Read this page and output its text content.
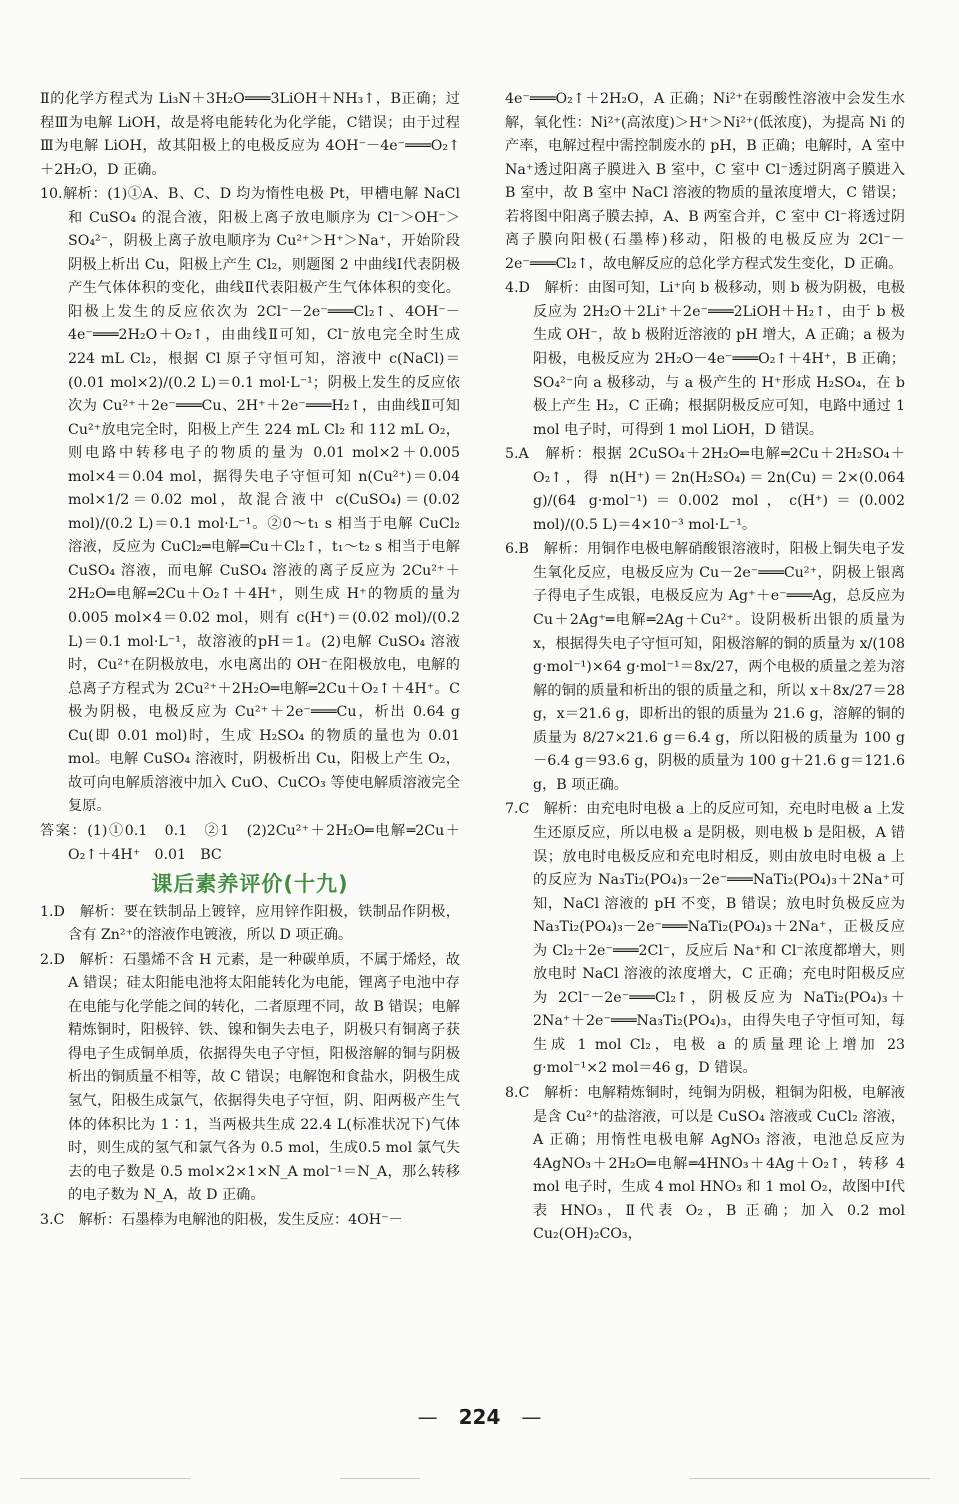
Ⅱ的化学方程式为 Li₃N＋3H₂O═══3LiOH＋NH₃↑，B正确；过程Ⅲ为电解 LiOH，故是将电能转化为化学能，C错误；由于过程Ⅲ为电解 LiOH，故其阳极上的电极反应为 4OH⁻－4e⁻═══O₂↑＋2H₂O，D 正确。

10.解析：(1)①A、B、C、D 均为惰性电极 Pt，甲槽电解 NaCl 和 CuSO₄ 的混合液，阳极上离子放电顺序为 Cl⁻＞OH⁻＞SO₄²⁻，阴极上离子放电顺序为 Cu²⁺＞H⁺＞Na⁺，开始阶段阴极上析出 Cu，阳极上产生 Cl₂，则题图 2 中曲线Ⅰ代表阴极产生气体体积的变化，曲线Ⅱ代表阳极产生气体体积的变化。阳极上发生的反应依次为 2Cl⁻－2e⁻═══Cl₂↑、4OH⁻－4e⁻═══2H₂O＋O₂↑，由曲线Ⅱ可知，Cl⁻放电完全时生成 224 mL Cl₂，根据 Cl 原子守恒可知，溶液中 c(NaCl)＝(0.01 mol×2)/(0.2 L)＝0.1 mol·L⁻¹；阴极上发生的反应依次为 Cu²⁺＋2e⁻═══Cu、2H⁺＋2e⁻═══H₂↑，由曲线Ⅱ可知 Cu²⁺放电完全时，阳极上产生 224 mL Cl₂ 和 112 mL O₂，则电路中转移电子的物质的量为 0.01 mol×2＋0.005 mol×4＝0.04 mol，据得失电子守恒可知 n(Cu²⁺)＝0.04 mol×1/2＝0.02 mol，故混合液中 c(CuSO₄)＝(0.02 mol)/(0.2 L)＝0.1 mol·L⁻¹。②0～t₁ s 相当于电解 CuCl₂ 溶液，反应为 CuCl₂═电解═Cu＋Cl₂↑，t₁～t₂ s 相当于电解 CuSO₄ 溶液，而电解 CuSO₄ 溶液的离子反应为 2Cu²⁺＋2H₂O═电解═2Cu＋O₂↑＋4H⁺，则生成 H⁺的物质的量为 0.005 mol×4＝0.02 mol，则有 c(H⁺)＝(0.02 mol)/(0.2 L)＝0.1 mol·L⁻¹，故溶液的pH＝1。(2)电解 CuSO₄ 溶液时，Cu²⁺在阴极放电，水电离出的 OH⁻在阳极放电，电解的总离子方程式为 2Cu²⁺＋2H₂O═电解═2Cu＋O₂↑＋4H⁺。C 极为阴极，电极反应为 Cu²⁺＋2e⁻═══Cu，析出 0.64 g Cu(即 0.01 mol)时，生成 H₂SO₄ 的物质的量也为 0.01 mol。电解 CuSO₄ 溶液时，阴极析出 Cu，阳极上产生 O₂，故可向电解质溶液中加入 CuO、CuCO₃ 等使电解质溶液完全复原。

答案：(1)①0.1　0.1　②1　(2)2Cu²⁺＋2H₂O═电解═2Cu＋O₂↑＋4H⁺　0.01　BC

课后素养评价(十九)

1.D　解析：要在铁制品上镀锌，应用锌作阳极，铁制品作阴极，含有 Zn²⁺的溶液作电镀液，所以 D 项正确。

2.D　解析：石墨烯不含 H 元素，是一种碳单质，不属于烯烃，故 A 错误；硅太阳能电池将太阳能转化为电能，锂离子电池中存在电能与化学能之间的转化，二者原理不同，故 B 错误；电解精炼铜时，阳极锌、铁、镍和铜失去电子，阴极只有铜离子获得电子生成铜单质，依据得失电子守恒，阳极溶解的铜与阴极析出的铜质量不相等，故 C 错误；电解饱和食盐水，阴极生成氢气，阳极生成氯气，依据得失电子守恒，阴、阳两极产生气体的体积比为 1∶1，当两极共生成 22.4 L(标准状况下)气体时，则生成的氢气和氯气各为 0.5 mol，生成0.5 mol 氯气失去的电子数是 0.5 mol×2×1×N_A mol⁻¹＝N_A，那么转移的电子数为 N_A，故 D 正确。

3.C　解析：石墨棒为电解池的阳极，发生反应：4OH⁻－

4e⁻═══O₂↑＋2H₂O，A 正确；Ni²⁺在弱酸性溶液中会发生水解，氧化性：Ni²⁺(高浓度)＞H⁺＞Ni²⁺(低浓度)，为提高 Ni 的产率，电解过程中需控制废水的 pH，B 正确；电解时，A 室中 Na⁺透过阳离子膜进入 B 室中，C 室中 Cl⁻透过阴离子膜进入 B 室中，故 B 室中 NaCl 溶液的物质的量浓度增大，C 错误；若将图中阳离子膜去掉，A、B 两室合并，C 室中 Cl⁻将透过阴离子膜向阳极(石墨棒)移动，阳极的电极反应为 2Cl⁻－2e⁻═══Cl₂↑，故电解反应的总化学方程式发生变化，D 正确。

4.D　解析：由图可知，Li⁺向 b 极移动，则 b 极为阴极，电极反应为 2H₂O＋2Li⁺＋2e⁻═══2LiOH＋H₂↑，由于 b 极生成 OH⁻，故 b 极附近溶液的 pH 增大，A 正确；a 极为阳极，电极反应为 2H₂O－4e⁻═══O₂↑＋4H⁺，B 正确；SO₄²⁻向 a 极移动，与 a 极产生的 H⁺形成 H₂SO₄，在 b 极上产生 H₂，C 正确；根据阴极反应可知，电路中通过 1 mol 电子时，可得到 1 mol LiOH，D 错误。

5.A　解析：根据 2CuSO₄＋2H₂O═电解═2Cu＋2H₂SO₄＋O₂↑，得 n(H⁺)＝2n(H₂SO₄)＝2n(Cu)＝2×(0.064 g)/(64 g·mol⁻¹)＝0.002 mol，c(H⁺)＝(0.002 mol)/(0.5 L)＝4×10⁻³ mol·L⁻¹。

6.B　解析：用铜作电极电解硝酸银溶液时，阳极上铜失电子发生氧化反应，电极反应为 Cu－2e⁻═══Cu²⁺，阴极上银离子得电子生成银，电极反应为 Ag⁺＋e⁻═══Ag，总反应为 Cu＋2Ag⁺═电解═2Ag＋Cu²⁺。设阴极析出银的质量为 x，根据得失电子守恒可知，阳极溶解的铜的质量为 x/(108 g·mol⁻¹)×64 g·mol⁻¹＝8x/27，两个电极的质量之差为溶解的铜的质量和析出的银的质量之和，所以 x＋8x/27＝28 g，x＝21.6 g，即析出的银的质量为 21.6 g，溶解的铜的质量为 8/27×21.6 g＝6.4 g，所以阳极的质量为 100 g－6.4 g＝93.6 g，阴极的质量为 100 g＋21.6 g＝121.6 g，B 项正确。

7.C　解析：由充电时电极 a 上的反应可知，充电时电极 a 上发生还原反应，所以电极 a 是阴极，则电极 b 是阳极，A 错误；放电时电极反应和充电时相反，则由放电时电极 a 上的反应为 Na₃Ti₂(PO₄)₃－2e⁻═══NaTi₂(PO₄)₃＋2Na⁺可知，NaCl 溶液的 pH 不变，B 错误；放电时负极反应为 Na₃Ti₂(PO₄)₃－2e⁻═══NaTi₂(PO₄)₃＋2Na⁺，正极反应为 Cl₂＋2e⁻═══2Cl⁻，反应后 Na⁺和 Cl⁻浓度都增大，则放电时 NaCl 溶液的浓度增大，C 正确；充电时阳极反应为 2Cl⁻－2e⁻═══Cl₂↑，阴极反应为 NaTi₂(PO₄)₃＋2Na⁺＋2e⁻═══Na₃Ti₂(PO₄)₃，由得失电子守恒可知，每生成 1 mol Cl₂，电极 a 的质量理论上增加 23 g·mol⁻¹×2 mol＝46 g，D 错误。

8.C　解析：电解精炼铜时，纯铜为阴极，粗铜为阳极，电解液是含 Cu²⁺的盐溶液，可以是 CuSO₄ 溶液或 CuCl₂ 溶液，A 正确；用惰性电极电解 AgNO₃ 溶液，电池总反应为 4AgNO₃＋2H₂O═电解═4HNO₃＋4Ag＋O₂↑，转移 4 mol 电子时，生成 4 mol HNO₃ 和 1 mol O₂，故图中Ⅰ代表 HNO₃，Ⅱ代表 O₂，B 正确；加入 0.2 mol Cu₂(OH)₂CO₃，

— 224 —
